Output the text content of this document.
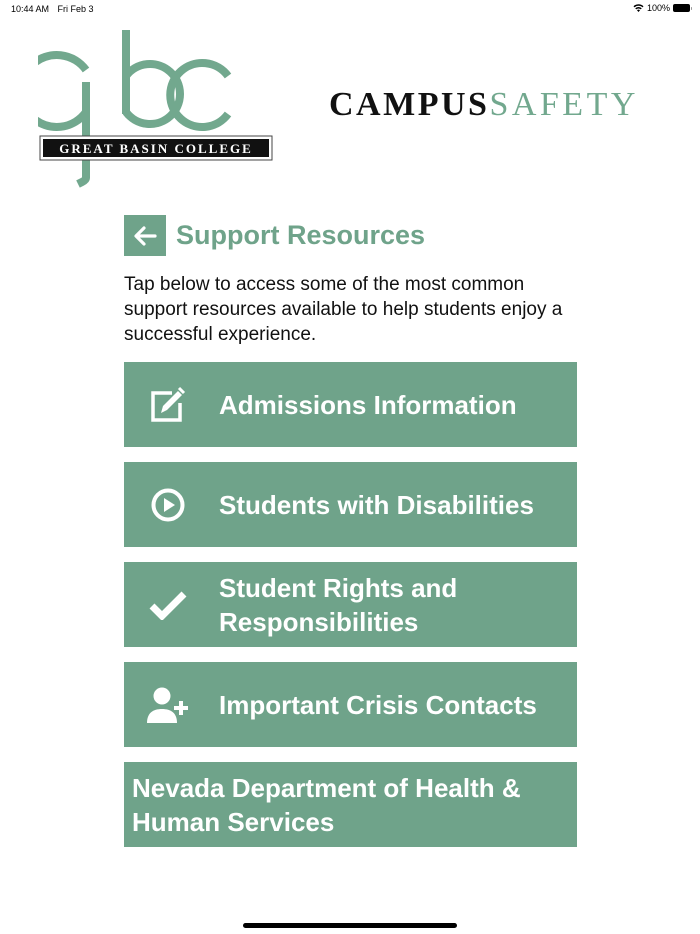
10:44 AM Fri Feb 3	100%
GREAT BASIN COLLEGE
CAMPUSSAFETY
Support Resources
Tap below to access some of the most common support resources available to help students enjoy a successful experience.
Admissions Information
Students with Disabilities
Student Rights and Responsibilities
Important Crisis Contacts
Nevada Department of Health & Human Services
